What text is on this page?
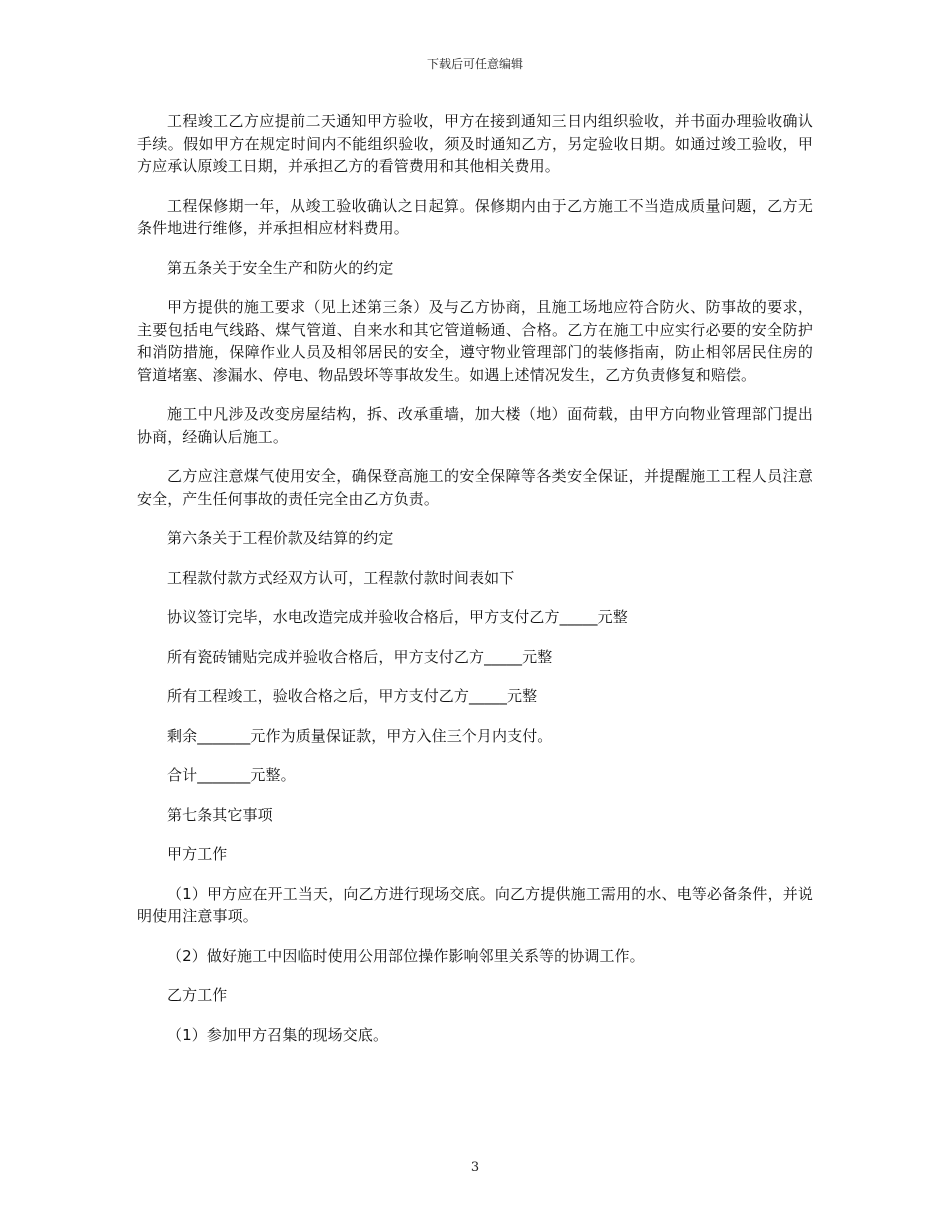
下载后可任意编辑

工程竣工乙方应提前二天通知甲方验收，甲方在接到通知三日内组织验收，并书面办理验收确认手续。假如甲方在规定时间内不能组织验收，须及时通知乙方，另定验收日期。如通过竣工验收，甲方应承认原竣工日期，并承担乙方的看管费用和其他相关费用。

工程保修期一年，从竣工验收确认之日起算。保修期内由于乙方施工不当造成质量问题，乙方无条件地进行维修，并承担相应材料费用。

第五条关于安全生产和防火的约定

甲方提供的施工要求（见上述第三条）及与乙方协商，且施工场地应符合防火、防事故的要求，主要包括电气线路、煤气管道、自来水和其它管道畅通、合格。乙方在施工中应实行必要的安全防护和消防措施，保障作业人员及相邻居民的安全，遵守物业管理部门的装修指南，防止相邻居民住房的管道堵塞、渗漏水、停电、物品毁坏等事故发生。如遇上述情况发生，乙方负责修复和赔偿。

施工中凡涉及改变房屋结构，拆、改承重墙，加大楼（地）面荷载，由甲方向物业管理部门提出协商，经确认后施工。

乙方应注意煤气使用安全，确保登高施工的安全保障等各类安全保证，并提醒施工工程人员注意安全，产生任何事故的责任完全由乙方负责。

第六条关于工程价款及结算的约定

工程款付款方式经双方认可，工程款付款时间表如下

协议签订完毕，水电改造完成并验收合格后，甲方支付乙方_____元整

所有瓷砖铺贴完成并验收合格后，甲方支付乙方_____元整

所有工程竣工，验收合格之后，甲方支付乙方_____元整

剩余_______元作为质量保证款，甲方入住三个月内支付。

合计_______元整。

第七条其它事项

甲方工作

（1）甲方应在开工当天，向乙方进行现场交底。向乙方提供施工需用的水、电等必备条件，并说明使用注意事项。

（2）做好施工中因临时使用公用部位操作影响邻里关系等的协调工作。

乙方工作

（1）参加甲方召集的现场交底。

3
